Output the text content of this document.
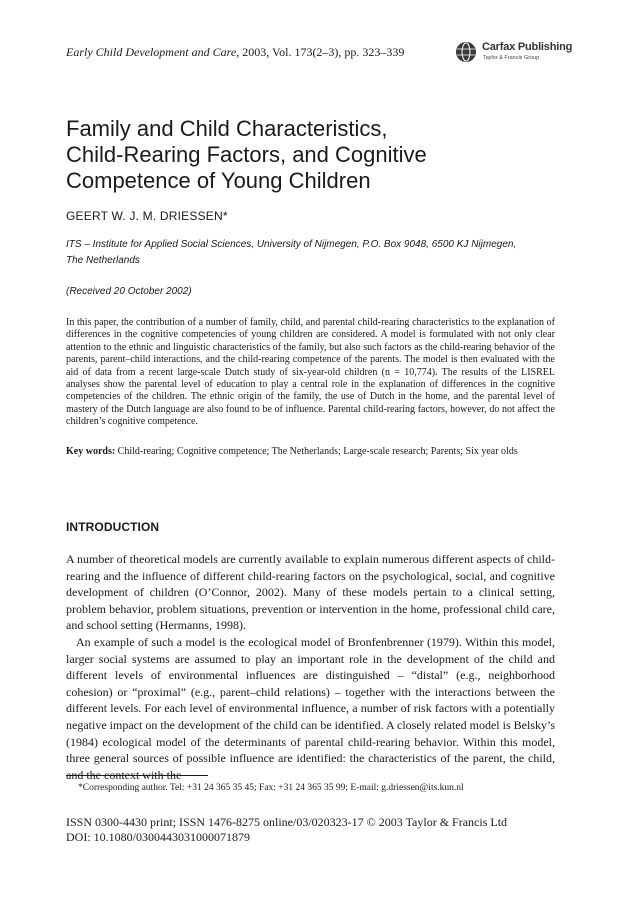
Early Child Development and Care, 2003, Vol. 173(2–3), pp. 323–339	Carfax Publishing
Taylor & Francis Group
Family and Child Characteristics,
Child-Rearing Factors, and Cognitive
Competence of Young Children
GEERT W. J. M. DRIESSEN*
ITS – Institute for Applied Social Sciences, University of Nijmegen, P.O. Box 9048, 6500 KJ Nijmegen,
The Netherlands
(Received 20 October 2002)

In this paper, the contribution of a number of family, child, and parental child-rearing characteristics to the explanation of differences in the cognitive competencies of young children are considered. A model is formulated with not only clear attention to the ethnic and linguistic characteristics of the family, but also such factors as the child-rearing behavior of the parents, parent–child interactions, and the child-rearing competence of the parents. The model is then evaluated with the aid of data from a recent large-scale Dutch study of six-year-old children (n = 10,774). The results of the LISREL analyses show the parental level of education to play a central role in the explanation of differences in the cognitive competencies of the children. The ethnic origin of the family, the use of Dutch in the home, and the parental level of mastery of the Dutch language are also found to be of influence. Parental child-rearing factors, however, do not affect the children’s cognitive competence.

Key words: Child-rearing; Cognitive competence; The Netherlands; Large-scale research; Parents; Six year olds

INTRODUCTION

A number of theoretical models are currently available to explain numerous different aspects of child-rearing and the influence of different child-rearing factors on the psychological, social, and cognitive development of children (O’Connor, 2002). Many of these models pertain to a clinical setting, problem behavior, problem situations, prevention or intervention in the home, professional child care, and school setting (Hermanns, 1998).

An example of such a model is the ecological model of Bronfenbrenner (1979). Within this model, larger social systems are assumed to play an important role in the development of the child and different levels of environmental influences are distinguished – “distal” (e.g., neighborhood cohesion) or “proximal” (e.g., parent–child relations) – together with the interactions between the different levels. For each level of environmental influence, a number of risk factors with a potentially negative impact on the development of the child can be identified. A closely related model is Belsky’s (1984) ecological model of the determinants of parental child-rearing behavior. Within this model, three general sources of possible influence are identified: the characteristics of the parent, the child, and the context with the

*Corresponding author. Tel: +31 24 365 35 45; Fax: +31 24 365 35 99; E-mail: g.driessen@its.kun.nl
ISSN 0300-4430 print; ISSN 1476-8275 online/03/020323-17 © 2003 Taylor & Francis Ltd
DOI: 10.1080/0300443031000071879
